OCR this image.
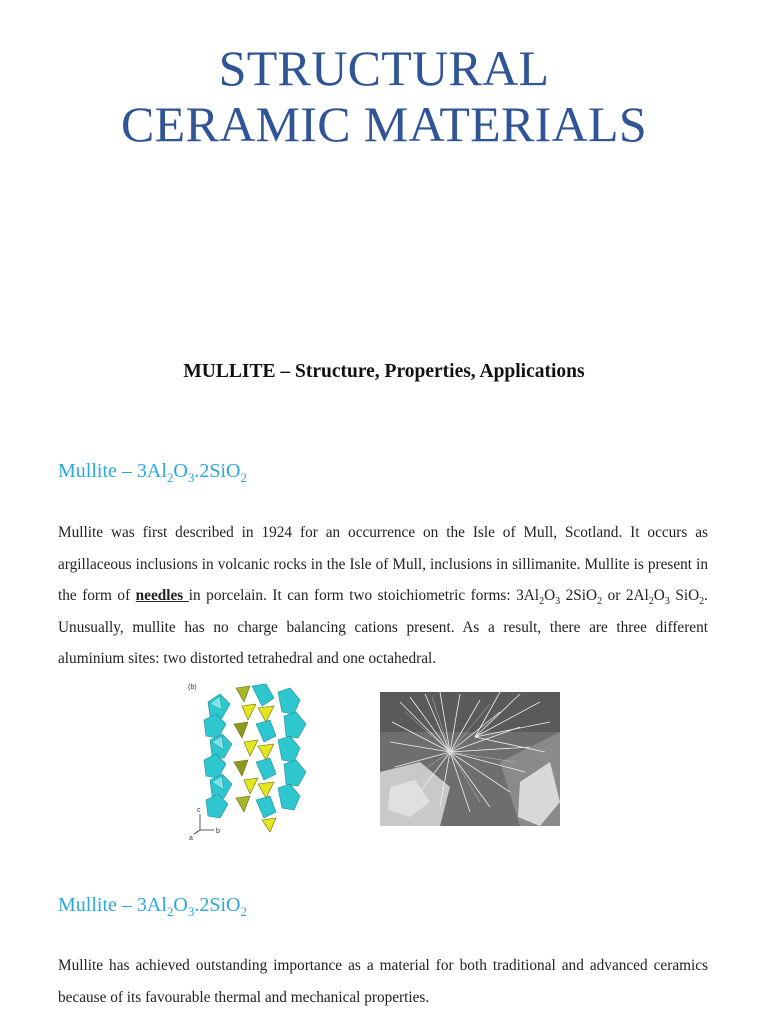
STRUCTURAL
CERAMIC MATERIALS
MULLITE – Structure, Properties, Applications
Mullite – $3Al_2O_3.2SiO_2$
Mullite was first described in 1924 for an occurrence on the Isle of Mull, Scotland. It occurs as argillaceous inclusions in volcanic rocks in the Isle of Mull, inclusions in sillimanite. Mullite is present in the form of needles in porcelain. It can form two stoichiometric forms: $3Al_2O_3$ 2SiO$_2$ or $2Al_2O_3$ SiO$_2$. Unusually, mullite has no charge balancing cations present. As a result, there are three different aluminium sites: two distorted tetrahedral and one octahedral.
(b)
c
a
b
Mullite – $3Al_2O_3.2SiO_2$
Mullite has achieved outstanding importance as a material for both traditional and advanced ceramics because of its favourable thermal and mechanical properties.
